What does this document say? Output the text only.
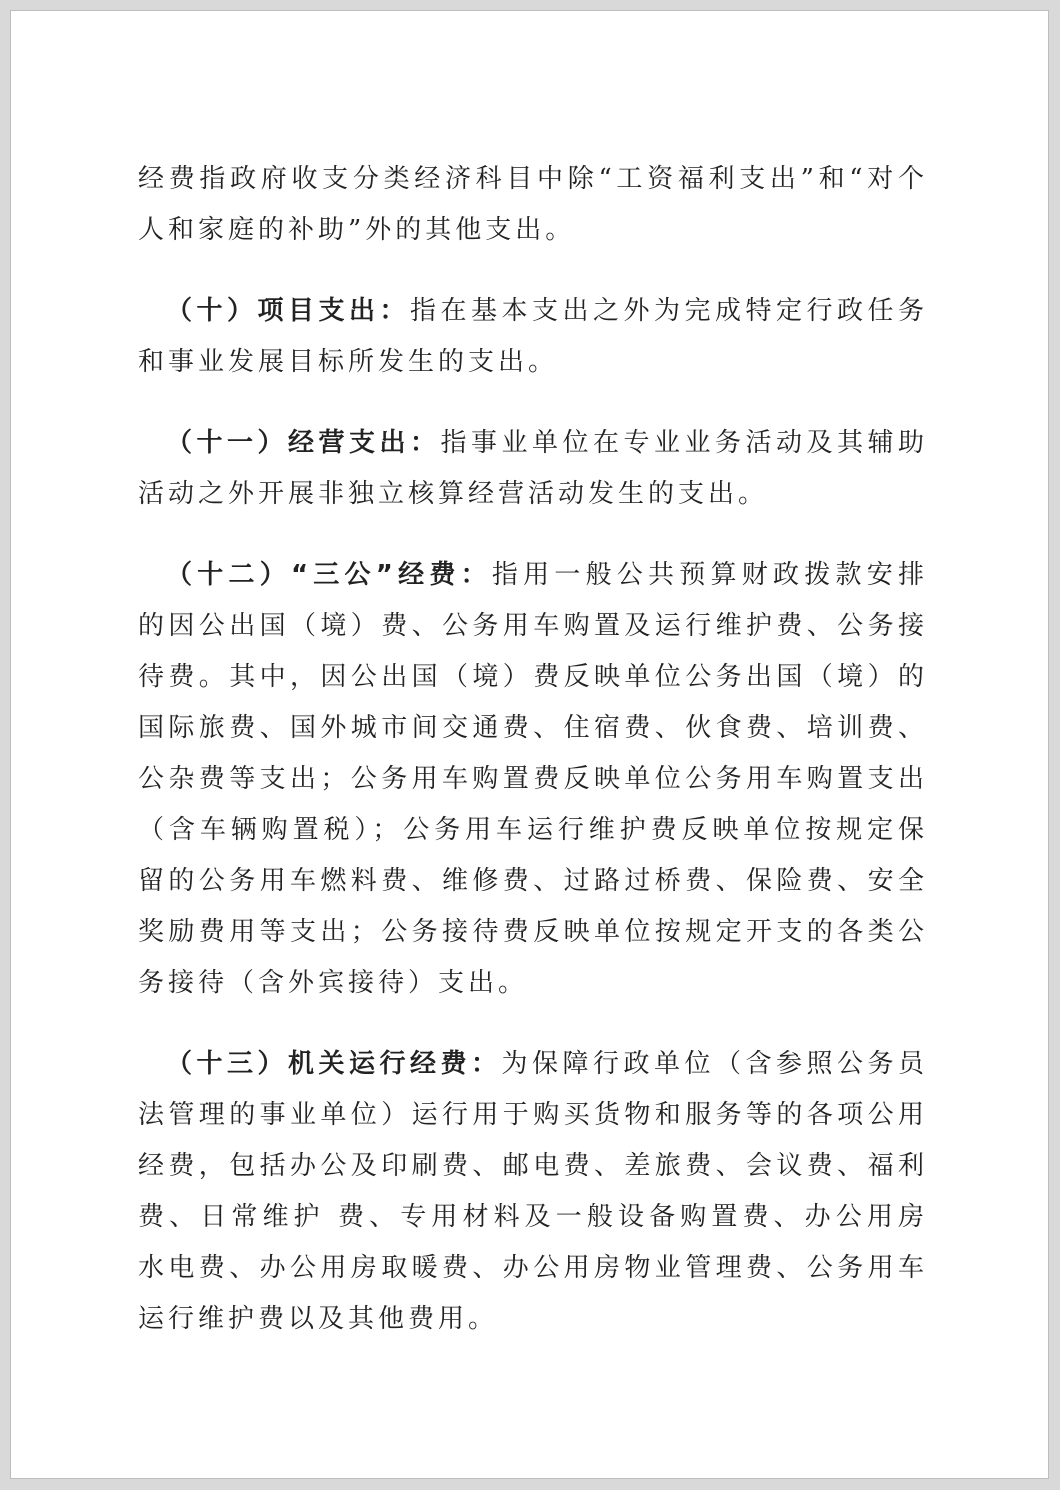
经费指政府收支分类经济科目中除“工资福利支出”和“对个人和家庭的补助”外的其他支出。

（十）项目支出：指在基本支出之外为完成特定行政任务和事业发展目标所发生的支出。

（十一）经营支出：指事业单位在专业业务活动及其辅助活动之外开展非独立核算经营活动发生的支出。

（十二）“三公”经费：指用一般公共预算财政拨款安排的因公出国（境）费、公务用车购置及运行维护费、公务接待费。其中，因公出国（境）费反映单位公务出国（境）的国际旅费、国外城市间交通费、住宿费、伙食费、培训费、公杂费等支出；公务用车购置费反映单位公务用车购置支出（含车辆购置税）；公务用车运行维护费反映单位按规定保留的公务用车燃料费、维修费、过路过桥费、保险费、安全奖励费用等支出；公务接待费反映单位按规定开支的各类公务接待（含外宾接待）支出。

（十三）机关运行经费：为保障行政单位（含参照公务员法管理的事业单位）运行用于购买货物和服务等的各项公用经费，包括办公及印刷费、邮电费、差旅费、会议费、福利费、日常维护 费、专用材料及一般设备购置费、办公用房水电费、办公用房取暖费、办公用房物业管理费、公务用车运行维护费以及其他费用。
